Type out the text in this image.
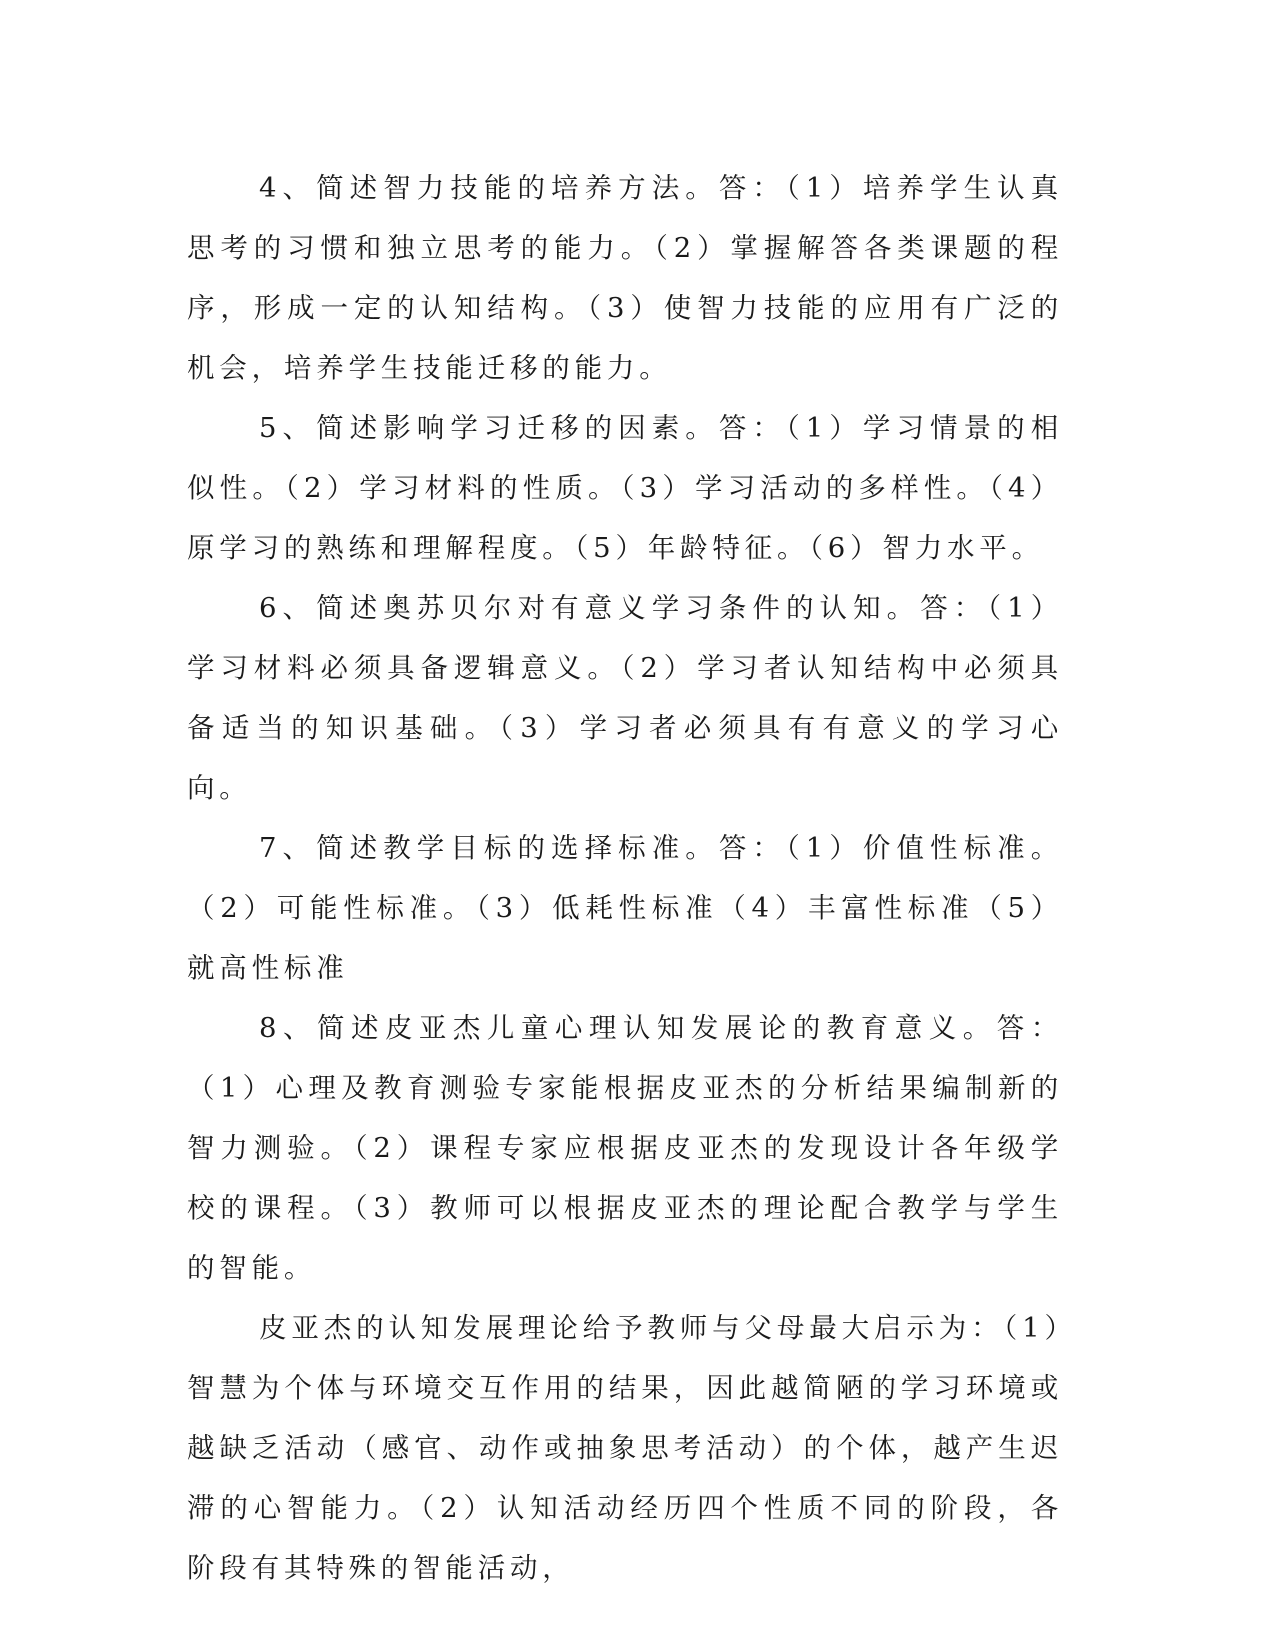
4、简述智力技能的培养方法。答：（1）培养学生认真思考的习惯和独立思考的能力。（2）掌握解答各类课题的程序，形成一定的认知结构。（3）使智力技能的应用有广泛的机会，培养学生技能迁移的能力。

5、简述影响学习迁移的因素。答：（1）学习情景的相似性。（2）学习材料的性质。（3）学习活动的多样性。（4）原学习的熟练和理解程度。（5）年龄特征。（6）智力水平。

6、简述奥苏贝尔对有意义学习条件的认知。答：（1）学习材料必须具备逻辑意义。（2）学习者认知结构中必须具备适当的知识基础。（3）学习者必须具有有意义的学习心向。

7、简述教学目标的选择标准。答：（1）价值性标准。（2）可能性标准。（3）低耗性标准（4）丰富性标准（5）就高性标准

8、简述皮亚杰儿童心理认知发展论的教育意义。答：（1）心理及教育测验专家能根据皮亚杰的分析结果编制新的智力测验。（2）课程专家应根据皮亚杰的发现设计各年级学校的课程。（3）教师可以根据皮亚杰的理论配合教学与学生的智能。

皮亚杰的认知发展理论给予教师与父母最大启示为：（1）智慧为个体与环境交互作用的结果，因此越简陋的学习环境或越缺乏活动（感官、动作或抽象思考活动）的个体，越产生迟滞的心智能力。（2）认知活动经历四个性质不同的阶段，各阶段有其特殊的智能活动，
